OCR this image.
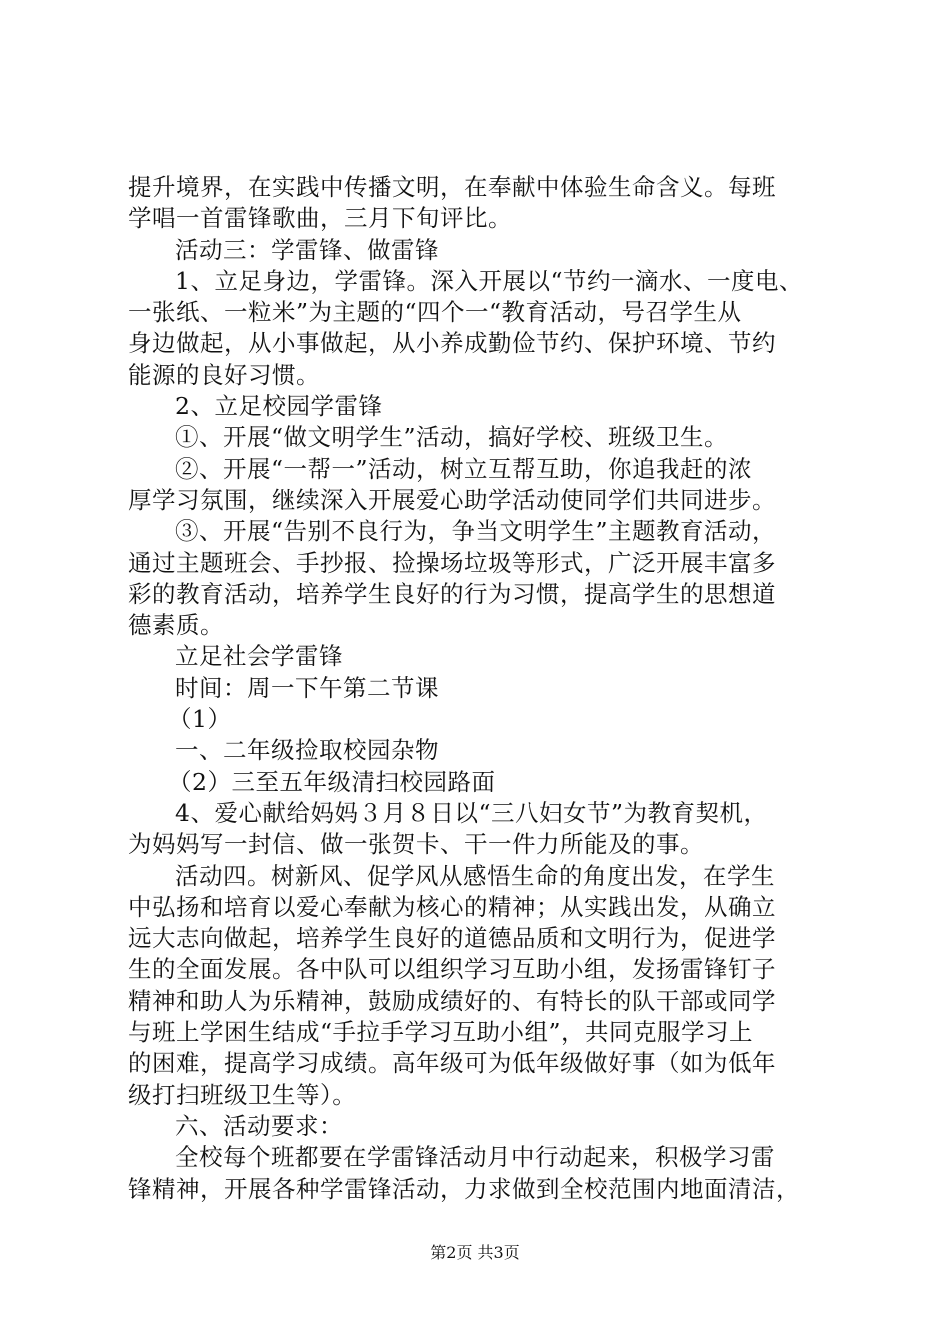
提升境界，在实践中传播文明，在奉献中体验生命含义。每班
学唱一首雷锋歌曲，三月下旬评比。
活动三：学雷锋、做雷锋
1、立足身边，学雷锋。深入开展以“节约一滴水、一度电、
一张纸、一粒米”为主题的“四个一“教育活动，号召学生从
身边做起，从小事做起，从小养成勤俭节约、保护环境、节约
能源的良好习惯。
2、立足校园学雷锋
①、开展“做文明学生”活动，搞好学校、班级卫生。
②、开展“一帮一”活动，树立互帮互助，你追我赶的浓
厚学习氛围，继续深入开展爱心助学活动使同学们共同进步。
③、开展“告别不良行为，争当文明学生”主题教育活动，
通过主题班会、手抄报、捡操场垃圾等形式，广泛开展丰富多
彩的教育活动，培养学生良好的行为习惯，提高学生的思想道
德素质。
立足社会学雷锋
时间：周一下午第二节课
（1）
一、二年级捡取校园杂物
（2）三至五年级清扫校园路面
4、爱心献给妈妈３月８日以“三八妇女节”为教育契机，
为妈妈写一封信、做一张贺卡、干一件力所能及的事。
活动四。树新风、促学风从感悟生命的角度出发，在学生
中弘扬和培育以爱心奉献为核心的精神；从实践出发，从确立
远大志向做起，培养学生良好的道德品质和文明行为，促进学
生的全面发展。各中队可以组织学习互助小组，发扬雷锋钉子
精神和助人为乐精神，鼓励成绩好的、有特长的队干部或同学
与班上学困生结成“手拉手学习互助小组”，共同克服学习上
的困难，提高学习成绩。高年级可为低年级做好事（如为低年
级打扫班级卫生等）。
六、活动要求：
全校每个班都要在学雷锋活动月中行动起来，积极学习雷
锋精神，开展各种学雷锋活动，力求做到全校范围内地面清洁，
第2页 共3页
